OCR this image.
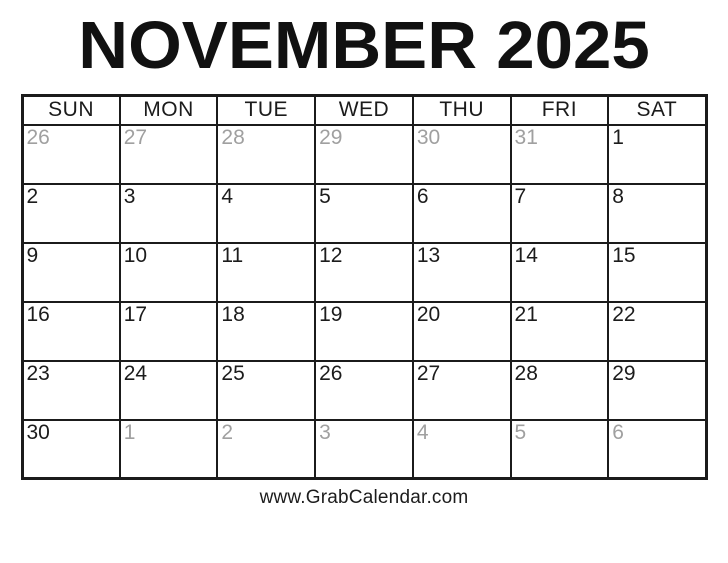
NOVEMBER 2025
SUN	MON	TUE	WED	THU	FRI	SAT
26	27	28	29	30	31	1
2	3	4	5	6	7	8
9	10	11	12	13	14	15
16	17	18	19	20	21	22
23	24	25	26	27	28	29
30	1	2	3	4	5	6
www.GrabCalendar.com
